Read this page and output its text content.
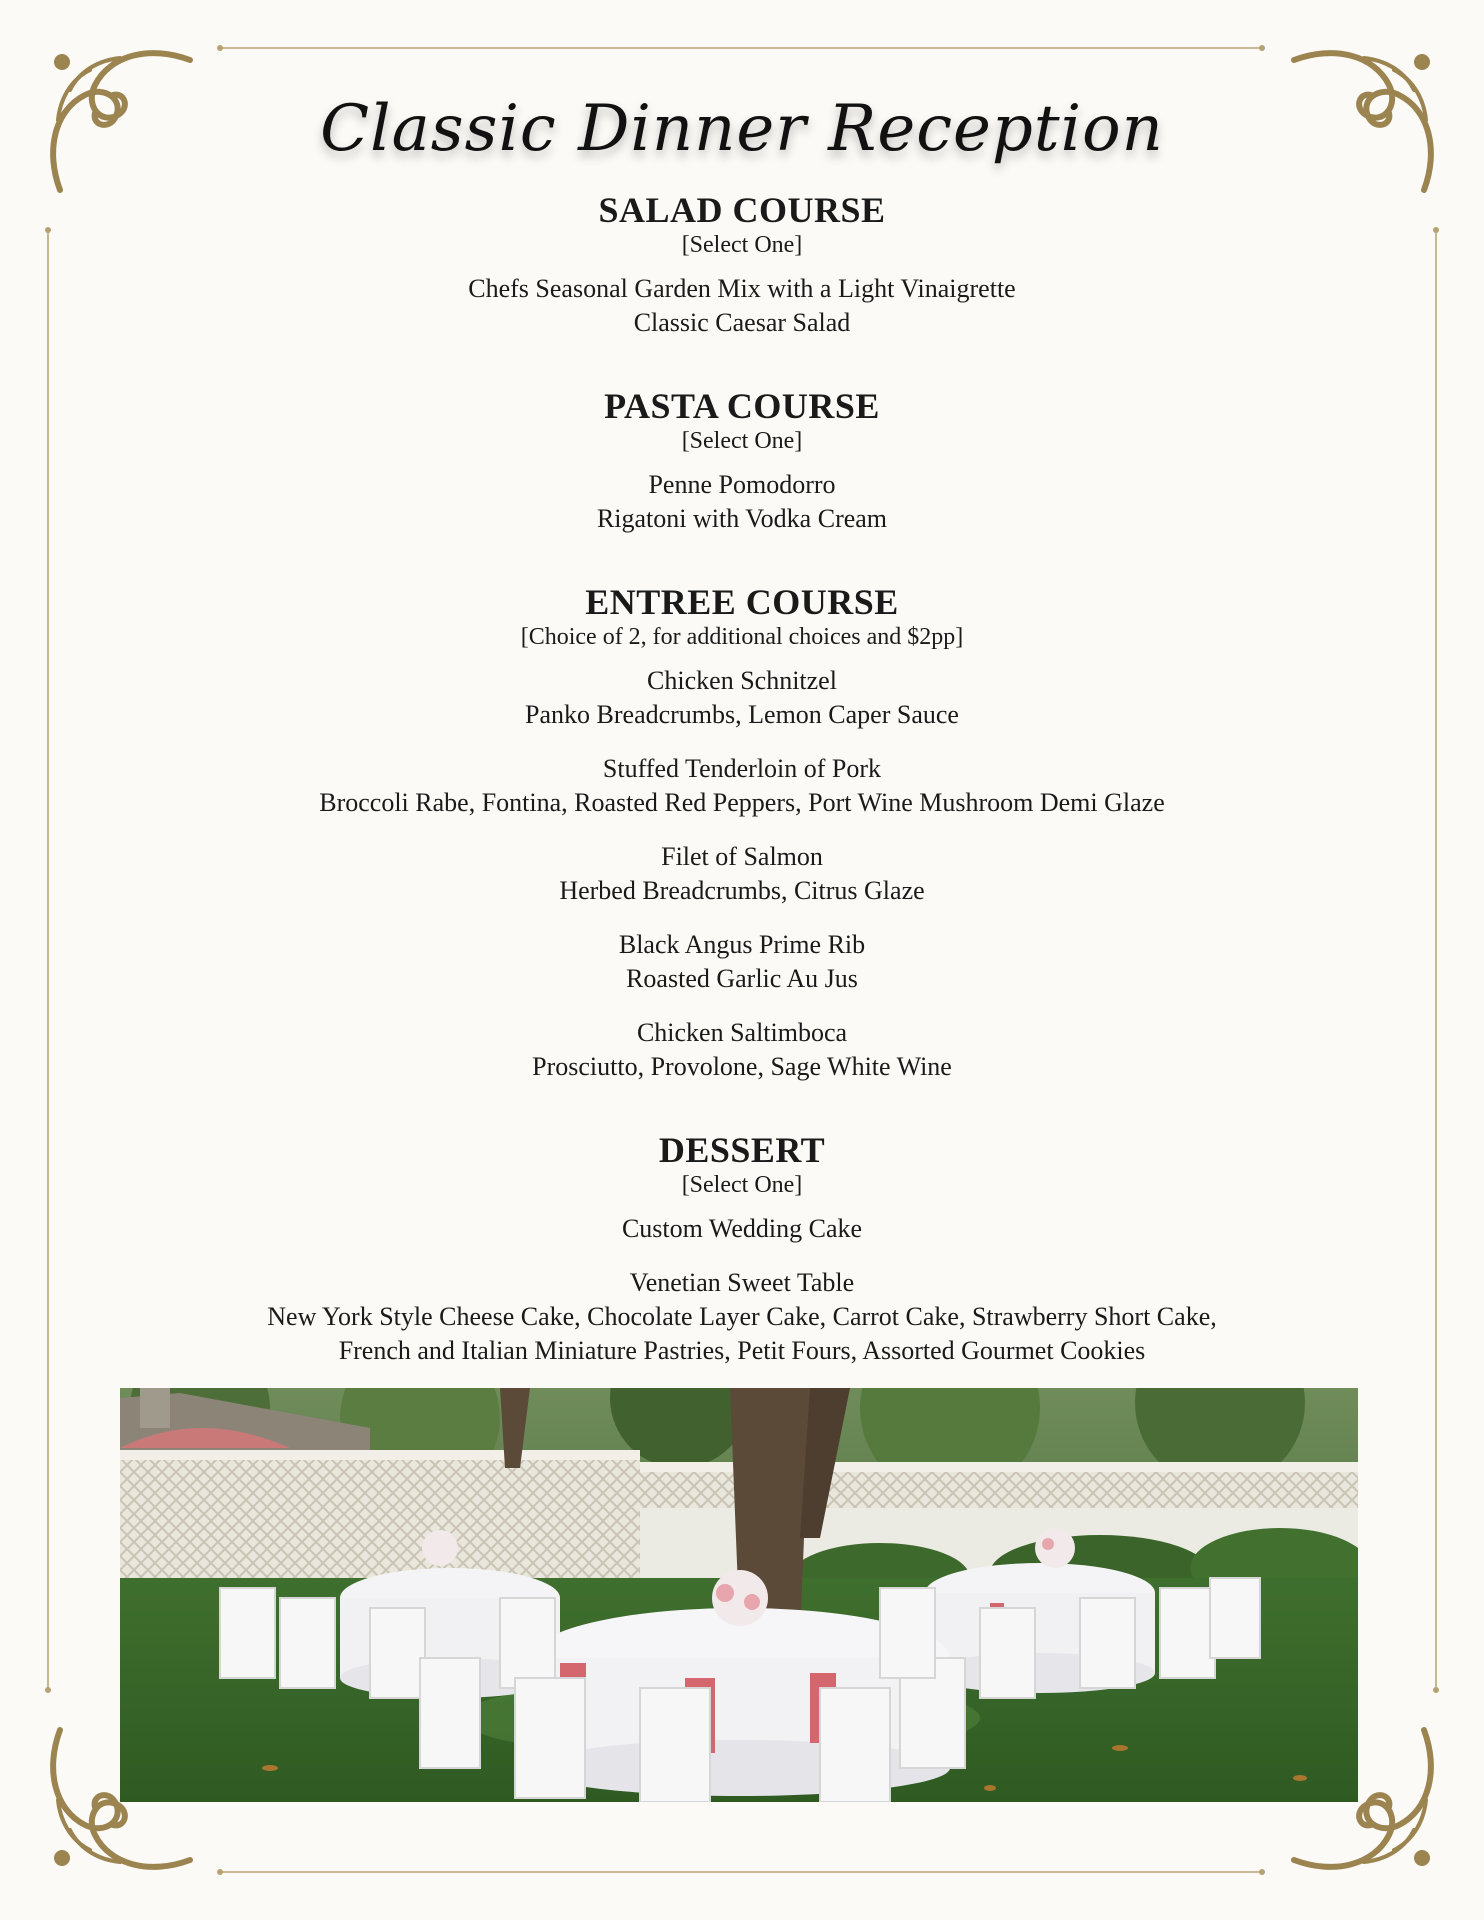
Classic Dinner Reception
SALAD COURSE
[Select One]
Chefs Seasonal Garden Mix with a Light Vinaigrette
Classic Caesar Salad
PASTA COURSE
[Select One]
Penne Pomodorro
Rigatoni with Vodka Cream
ENTREE COURSE
[Choice of 2, for additional choices and $2pp]
Chicken Schnitzel
Panko Breadcrumbs, Lemon Caper Sauce
Stuffed Tenderloin of Pork
Broccoli Rabe, Fontina, Roasted Red Peppers, Port Wine Mushroom Demi Glaze
Filet of Salmon
Herbed Breadcrumbs, Citrus Glaze
Black Angus Prime Rib
Roasted Garlic Au Jus
Chicken Saltimboca
Prosciutto, Provolone, Sage White Wine
DESSERT
[Select One]
Custom Wedding Cake
Venetian Sweet Table
New York Style Cheese Cake, Chocolate Layer Cake, Carrot Cake, Strawberry Short Cake,
French and Italian Miniature Pastries, Petit Fours, Assorted Gourmet Cookies
